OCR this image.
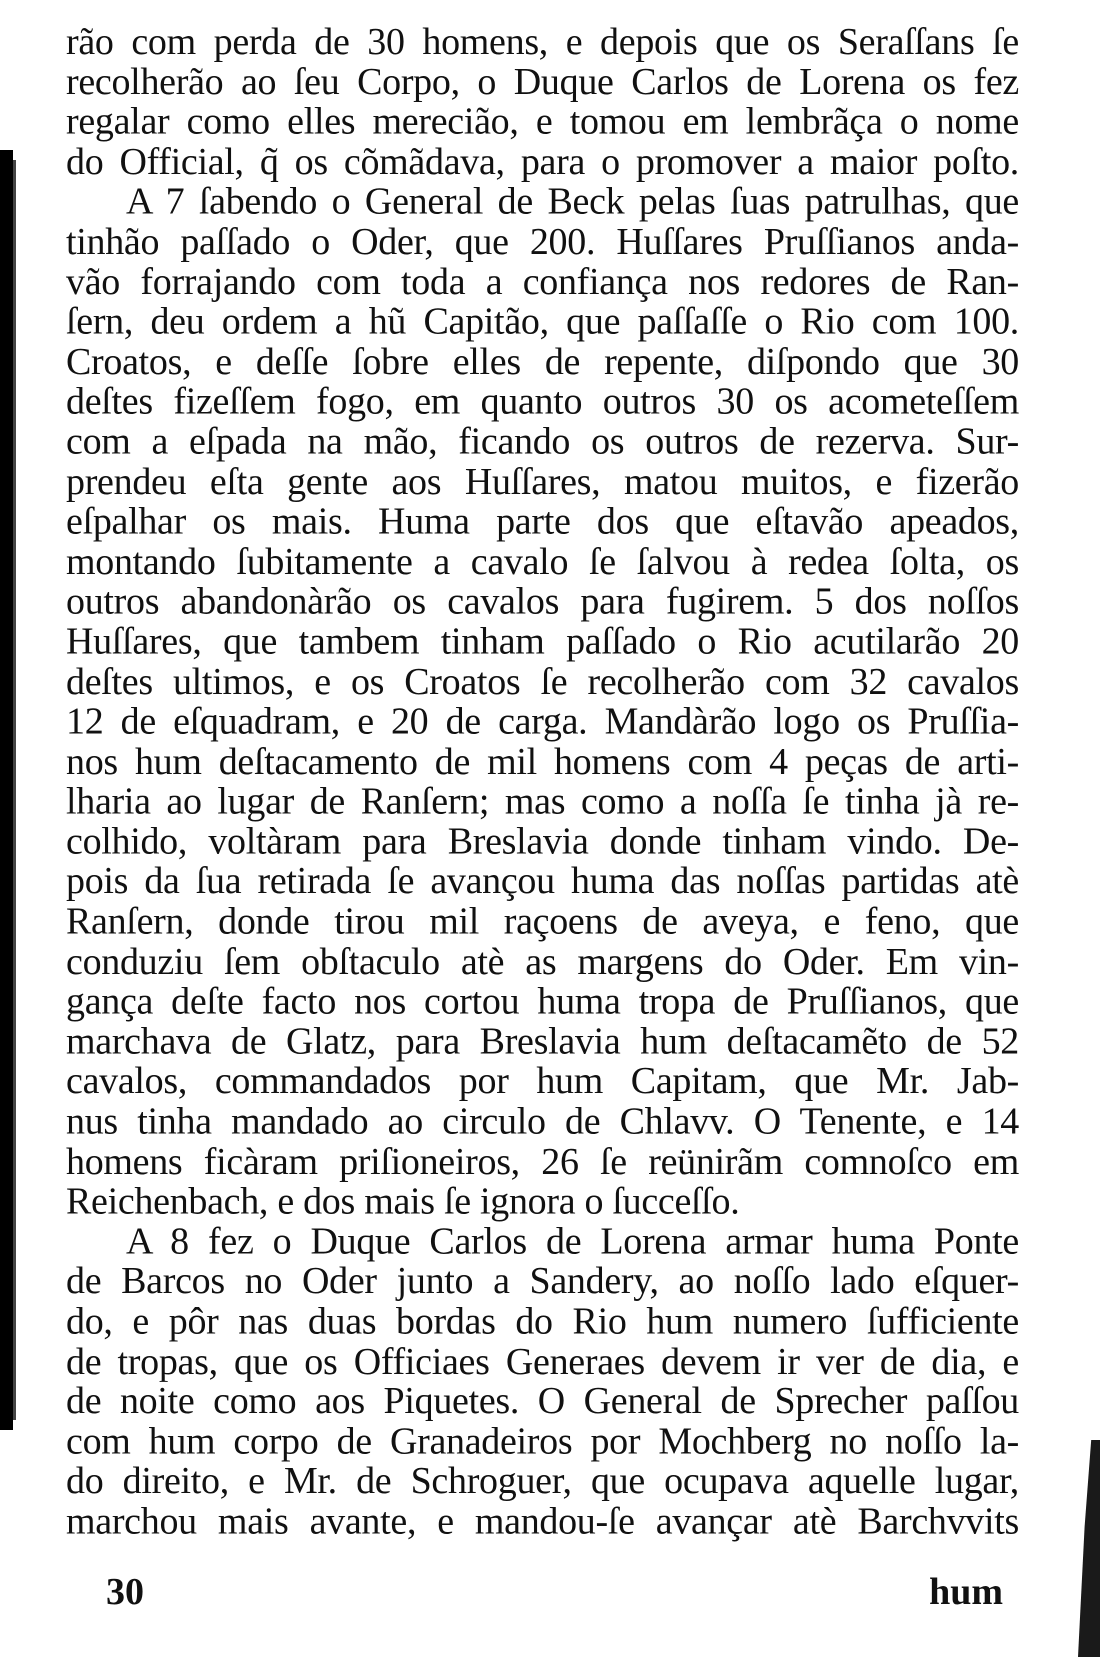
rão com perda de 30 homens, e depois que os Seraſſans ſe
recolherão ao ſeu Corpo, o Duque Carlos de Lorena os fez
regalar como elles merecião, e tomou em lembrãça o nome
do Official, q̃ os cõmãdava, para o promover a maior poſto.
A 7 ſabendo o General de Beck pelas ſuas patrulhas, que
tinhão paſſado o Oder, que 200. Huſſares Pruſſianos anda-
vão forrajando com toda a confiança nos redores de Ran-
ſern, deu ordem a hũ Capitão, que paſſaſſe o Rio com 100.
Croatos, e deſſe ſobre elles de repente, diſpondo que 30
deſtes fizeſſem fogo, em quanto outros 30 os acometeſſem
com a eſpada na mão, ficando os outros de rezerva. Sur-
prendeu eſta gente aos Huſſares, matou muitos, e fizerão
eſpalhar os mais. Huma parte dos que eſtavão apeados,
montando ſubitamente a cavalo ſe ſalvou à redea ſolta, os
outros abandonàrão os cavalos para fugirem. 5 dos noſſos
Huſſares, que tambem tinham paſſado o Rio acutilarão 20
deſtes ultimos, e os Croatos ſe recolherão com 32 cavalos
12 de eſquadram, e 20 de carga. Mandàrão logo os Pruſſia-
nos hum deſtacamento de mil homens com 4 peças de arti-
lharia ao lugar de Ranſern; mas como a noſſa ſe tinha jà re-
colhido, voltàram para Breslavia donde tinham vindo. De-
pois da ſua retirada ſe avançou huma das noſſas partidas atè
Ranſern, donde tirou mil raçoens de aveya, e feno, que
conduziu ſem obſtaculo atè as margens do Oder. Em vin-
gança deſte facto nos cortou huma tropa de Pruſſianos, que
marchava de Glatz, para Breslavia hum deſtacamẽto de 52
cavalos, commandados por hum Capitam, que Mr. Jab-
nus tinha mandado ao circulo de Chlavv. O Tenente, e 14
homens ficàram priſioneiros, 26 ſe reünirãm comnoſco em
Reichenbach, e dos mais ſe ignora o ſucceſſo.
A 8 fez o Duque Carlos de Lorena armar huma Ponte
de Barcos no Oder junto a Sandery, ao noſſo lado eſquer-
do, e pôr nas duas bordas do Rio hum numero ſufficiente
de tropas, que os Officiaes Generaes devem ir ver de dia, e
de noite como aos Piquetes. O General de Sprecher paſſou
com hum corpo de Granadeiros por Mochberg no noſſo la-
do direito, e Mr. de Schroguer, que ocupava aquelle lugar,
marchou mais avante, e mandou-ſe avançar atè Barchvvits
30	hum
